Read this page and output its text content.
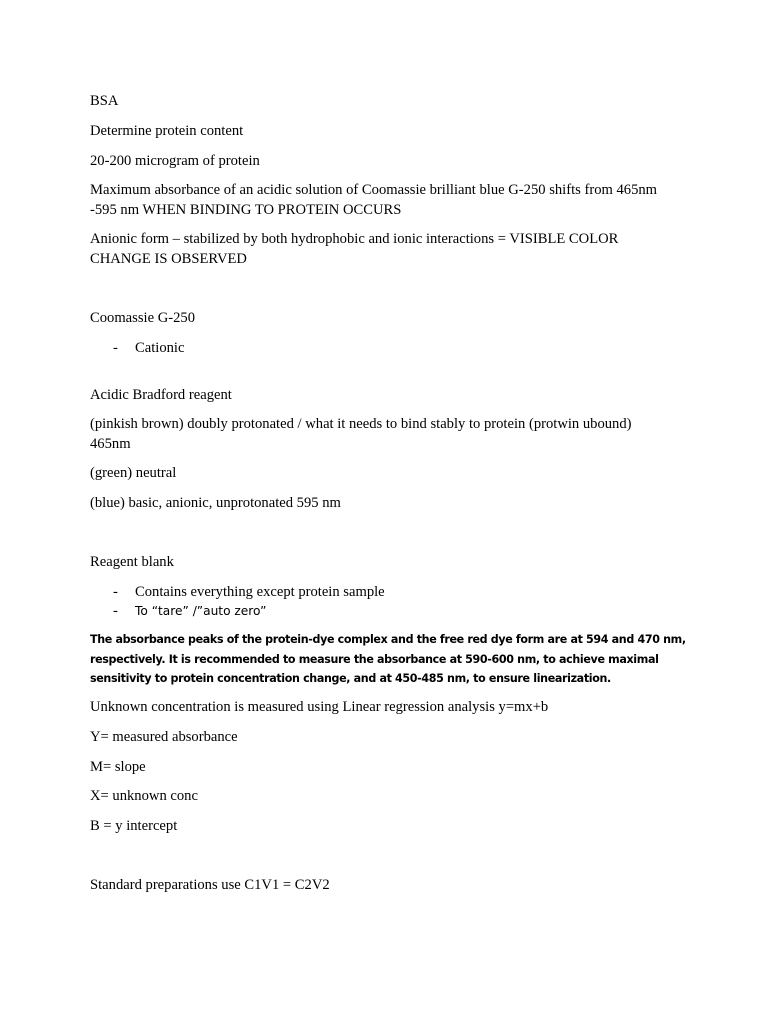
BSA

Determine protein content

20-200 microgram of protein

Maximum absorbance of an acidic solution of Coomassie brilliant blue G-250 shifts from 465nm

-595 nm WHEN BINDING TO PROTEIN OCCURS

Anionic form – stabilized by both hydrophobic and ionic interactions = VISIBLE COLOR

CHANGE IS OBSERVED

Coomassie G-250

- Cationic

Acidic Bradford reagent

(pinkish brown) doubly protonated / what it needs to bind stably to protein (protwin ubound)

465nm

(green) neutral

(blue) basic, anionic, unprotonated 595 nm

Reagent blank

- Contains everything except protein sample
- To “tare” /”auto zero”

The absorbance peaks of the protein-dye complex and the free red dye form are at 594 and 470 nm,

respectively. It is recommended to measure the absorbance at 590-600 nm, to achieve maximal

sensitivity to protein concentration change, and at 450-485 nm, to ensure linearization.

Unknown concentration is measured using Linear regression analysis y=mx+b

Y= measured absorbance

M= slope

X= unknown conc

B = y intercept

Standard preparations use C1V1 = C2V2
